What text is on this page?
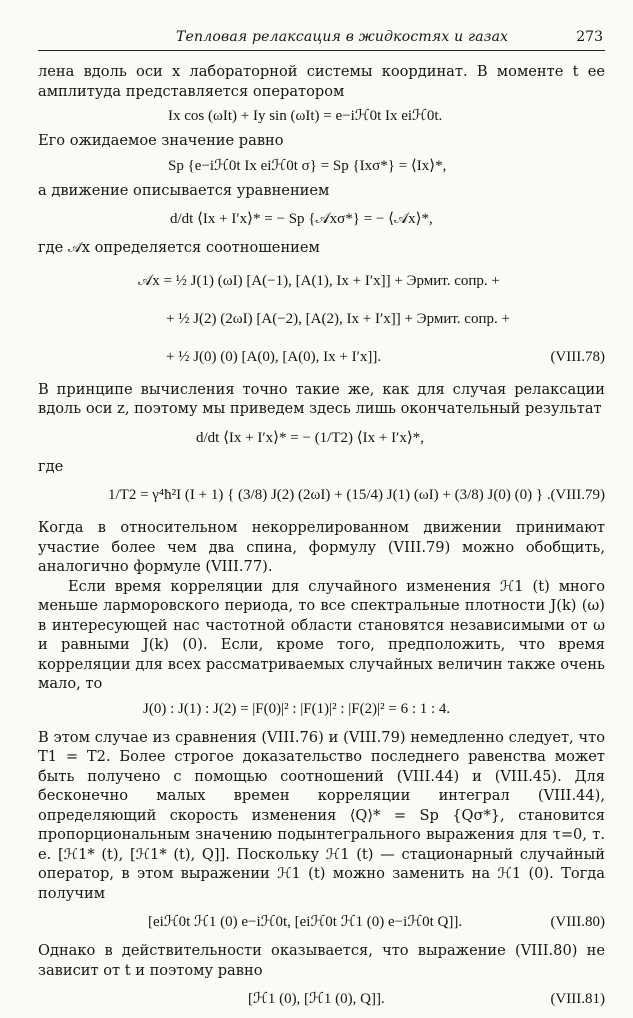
Тепловая релаксация в жидкостях и газах	273

лена вдоль оси x лабораторной системы координат. В моменте t ее амплитуда представляется оператором

Ix cos (ωIt) + Iy sin (ωIt) = e−iℋ0t Ix eiℋ0t.

Его ожидаемое значение равно

Sp {e−iℋ0t Ix eiℋ0t σ} = Sp {Ixσ*} = ⟨Ix⟩*,

а движение описывается уравнением

d/dt ⟨Ix + I′x⟩* = − Sp {𝒜xσ*} = − ⟨𝒜x⟩*,

где 𝒜x определяется соотношением

𝒜x = ½ J(1) (ωI) [A(−1), [A(1), Ix + I′x]] + Эрмит. сопр. +
+ ½ J(2) (2ωI) [A(−2), [A(2), Ix + I′x]] + Эрмит. сопр. +
+ ½ J(0) (0) [A(0), [A(0), Ix + I′x]].	(VIII.78)

В принципе вычисления точно такие же, как для случая релаксации вдоль оси z, поэтому мы приведем здесь лишь окончательный результат

d/dt ⟨Ix + I′x⟩* = − (1/T2) ⟨Ix + I′x⟩*,

где

1/T2 = γ⁴ħ²I (I + 1) { (3/8) J(2) (2ωI) + (15/4) J(1) (ωI) + (3/8) J(0) (0) } . (VIII.79)

Когда в относительном некоррелированном движении принимают участие более чем два спина, формулу (VIII.79) можно обобщить, аналогично формуле (VIII.77).

Если время корреляции для случайного изменения ℋ1 (t) много меньше ларморовского периода, то все спектральные плотности J(k) (ω) в интересующей нас частотной области становятся независимыми от ω и равными J(k) (0). Если, кроме того, предположить, что время корреляции для всех рассматриваемых случайных величин также очень мало, то

J(0) : J(1) : J(2) = |F(0)|² : |F(1)|² : |F(2)|² = 6 : 1 : 4.

В этом случае из сравнения (VIII.76) и (VIII.79) немедленно следует, что T1 = T2. Более строгое доказательство последнего равенства может быть получено с помощью соотношений (VIII.44) и (VIII.45). Для бесконечно малых времен корреляции интеграл (VIII.44), определяющий скорость изменения ⟨Q⟩* = Sp {Qσ*}, становится пропорциональным значению подынтегрального выражения для τ=0, т. е. [ℋ1* (t), [ℋ1* (t), Q]]. Поскольку ℋ1 (t) — стационарный случайный оператор, в этом выражении ℋ1 (t) можно заменить на ℋ1 (0). Тогда получим

[eiℋ0t ℋ1 (0) e−iℋ0t, [eiℋ0t ℋ1 (0) e−iℋ0t Q]].	(VIII.80)

Однако в действительности оказывается, что выражение (VIII.80) не зависит от t и поэтому равно

[ℋ1 (0), [ℋ1 (0), Q]].	(VIII.81)
